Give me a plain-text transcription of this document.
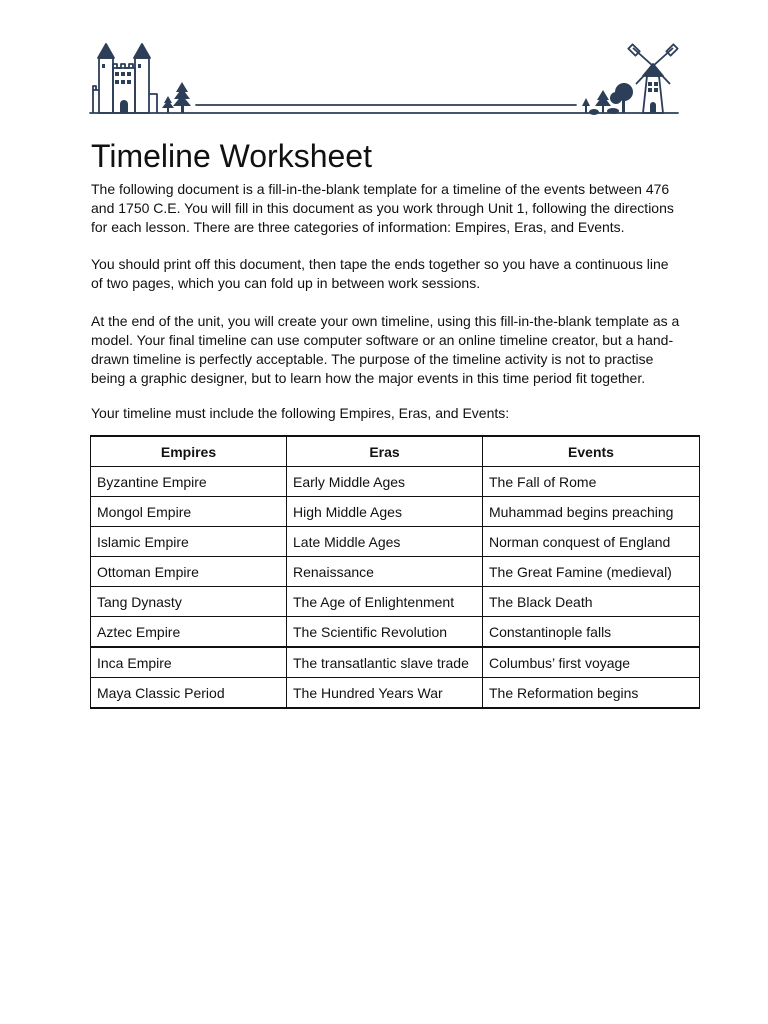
Timeline Worksheet

The following document is a fill-in-the-blank template for a timeline of the events between 476 and 1750 C.E. You will fill in this document as you work through Unit 1, following the directions for each lesson. There are three categories of information: Empires, Eras, and Events.

You should print off this document, then tape the ends together so you have a continuous line of two pages, which you can fold up in between work sessions.

At the end of the unit, you will create your own timeline, using this fill-in-the-blank template as a model. Your final timeline can use computer software or an online timeline creator, but a hand-drawn timeline is perfectly acceptable. The purpose of the timeline activity is not to practise being a graphic designer, but to learn how the major events in this time period fit together.

Your timeline must include the following Empires, Eras, and Events:

Empires	Eras	Events
Byzantine Empire	Early Middle Ages	The Fall of Rome
Mongol Empire	High Middle Ages	Muhammad begins preaching
Islamic Empire	Late Middle Ages	Norman conquest of England
Ottoman Empire	Renaissance	The Great Famine (medieval)
Tang Dynasty	The Age of Enlightenment	The Black Death
Aztec Empire	The Scientific Revolution	Constantinople falls
Inca Empire	The transatlantic slave trade	Columbus’ first voyage
Maya Classic Period	The Hundred Years War	The Reformation begins
